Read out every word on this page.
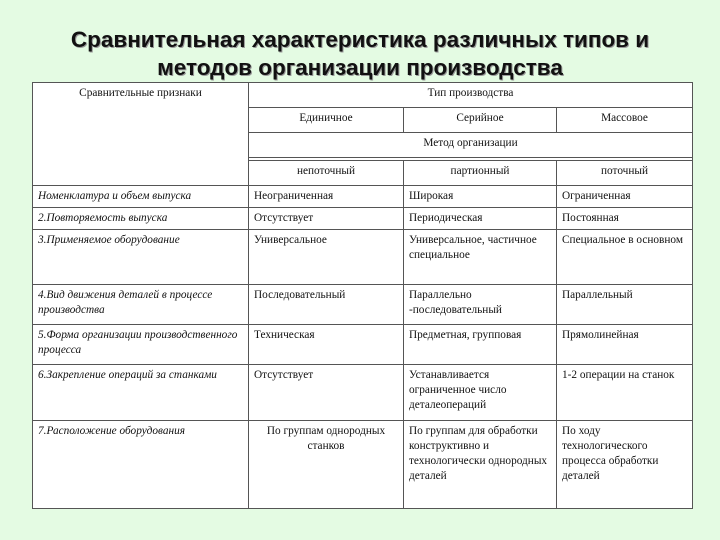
Сравнительная характеристика различных типов и
методов организации производства
Сравнительные признаки	Тип производства		
	Единичное	Серийное	Массовое
	Метод организации		

	непоточный	партионный	поточный
Номенклатура и объем выпуска	Неограниченная	Широкая	Ограниченная
2.Повторяемость выпуска	Отсутствует	Периодическая	Постоянная
3.Применяемое оборудование	Универсальное	Универсальное, частичное специальное	Специальное в основном
4.Вид движения деталей в процессе производства	Последовательный	Параллельно -последовательный	Параллельный
5.Форма организации производственного процесса	Техническая	Предметная, групповая	Прямолинейная
6.Закрепление операций за станками	Отсутствует	Устанавливается ограниченное число деталеопераций	1-2 операции на станок
7.Расположение оборудования	По группам однородных станков	По группам для обработки конструктивно и технологически однородных деталей	По ходу технологического процесса обработки деталей
